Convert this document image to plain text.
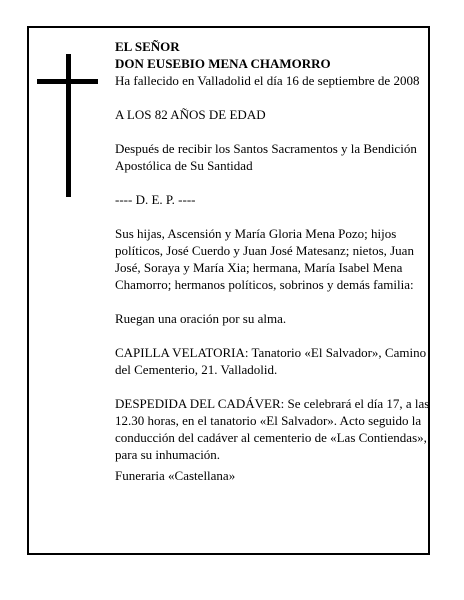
EL SEÑOR

DON EUSEBIO MENA CHAMORRO

Ha fallecido en Valladolid el día 16 de septiembre de 2008

A LOS 82 AÑOS DE EDAD

Después de recibir los Santos Sacramentos y la Bendición Apostólica de Su Santidad

---- D. E. P. ----

Sus hijas, Ascensión y María Gloria Mena Pozo; hijos políticos, José Cuerdo y Juan José Matesanz; nietos, Juan José, Soraya y María Xia; hermana, María Isabel Mena Chamorro; hermanos políticos, sobrinos y demás familia:

Ruegan una oración por su alma.

CAPILLA VELATORIA: Tanatorio «El Salvador», Camino del Cementerio, 21. Valladolid.

DESPEDIDA DEL CADÁVER: Se celebrará el día 17, a las 12.30 horas, en el tanatorio «El Salvador». Acto seguido la conducción del cadáver al cementerio de «Las Contiendas», para su inhumación.

Funeraria «Castellana»
